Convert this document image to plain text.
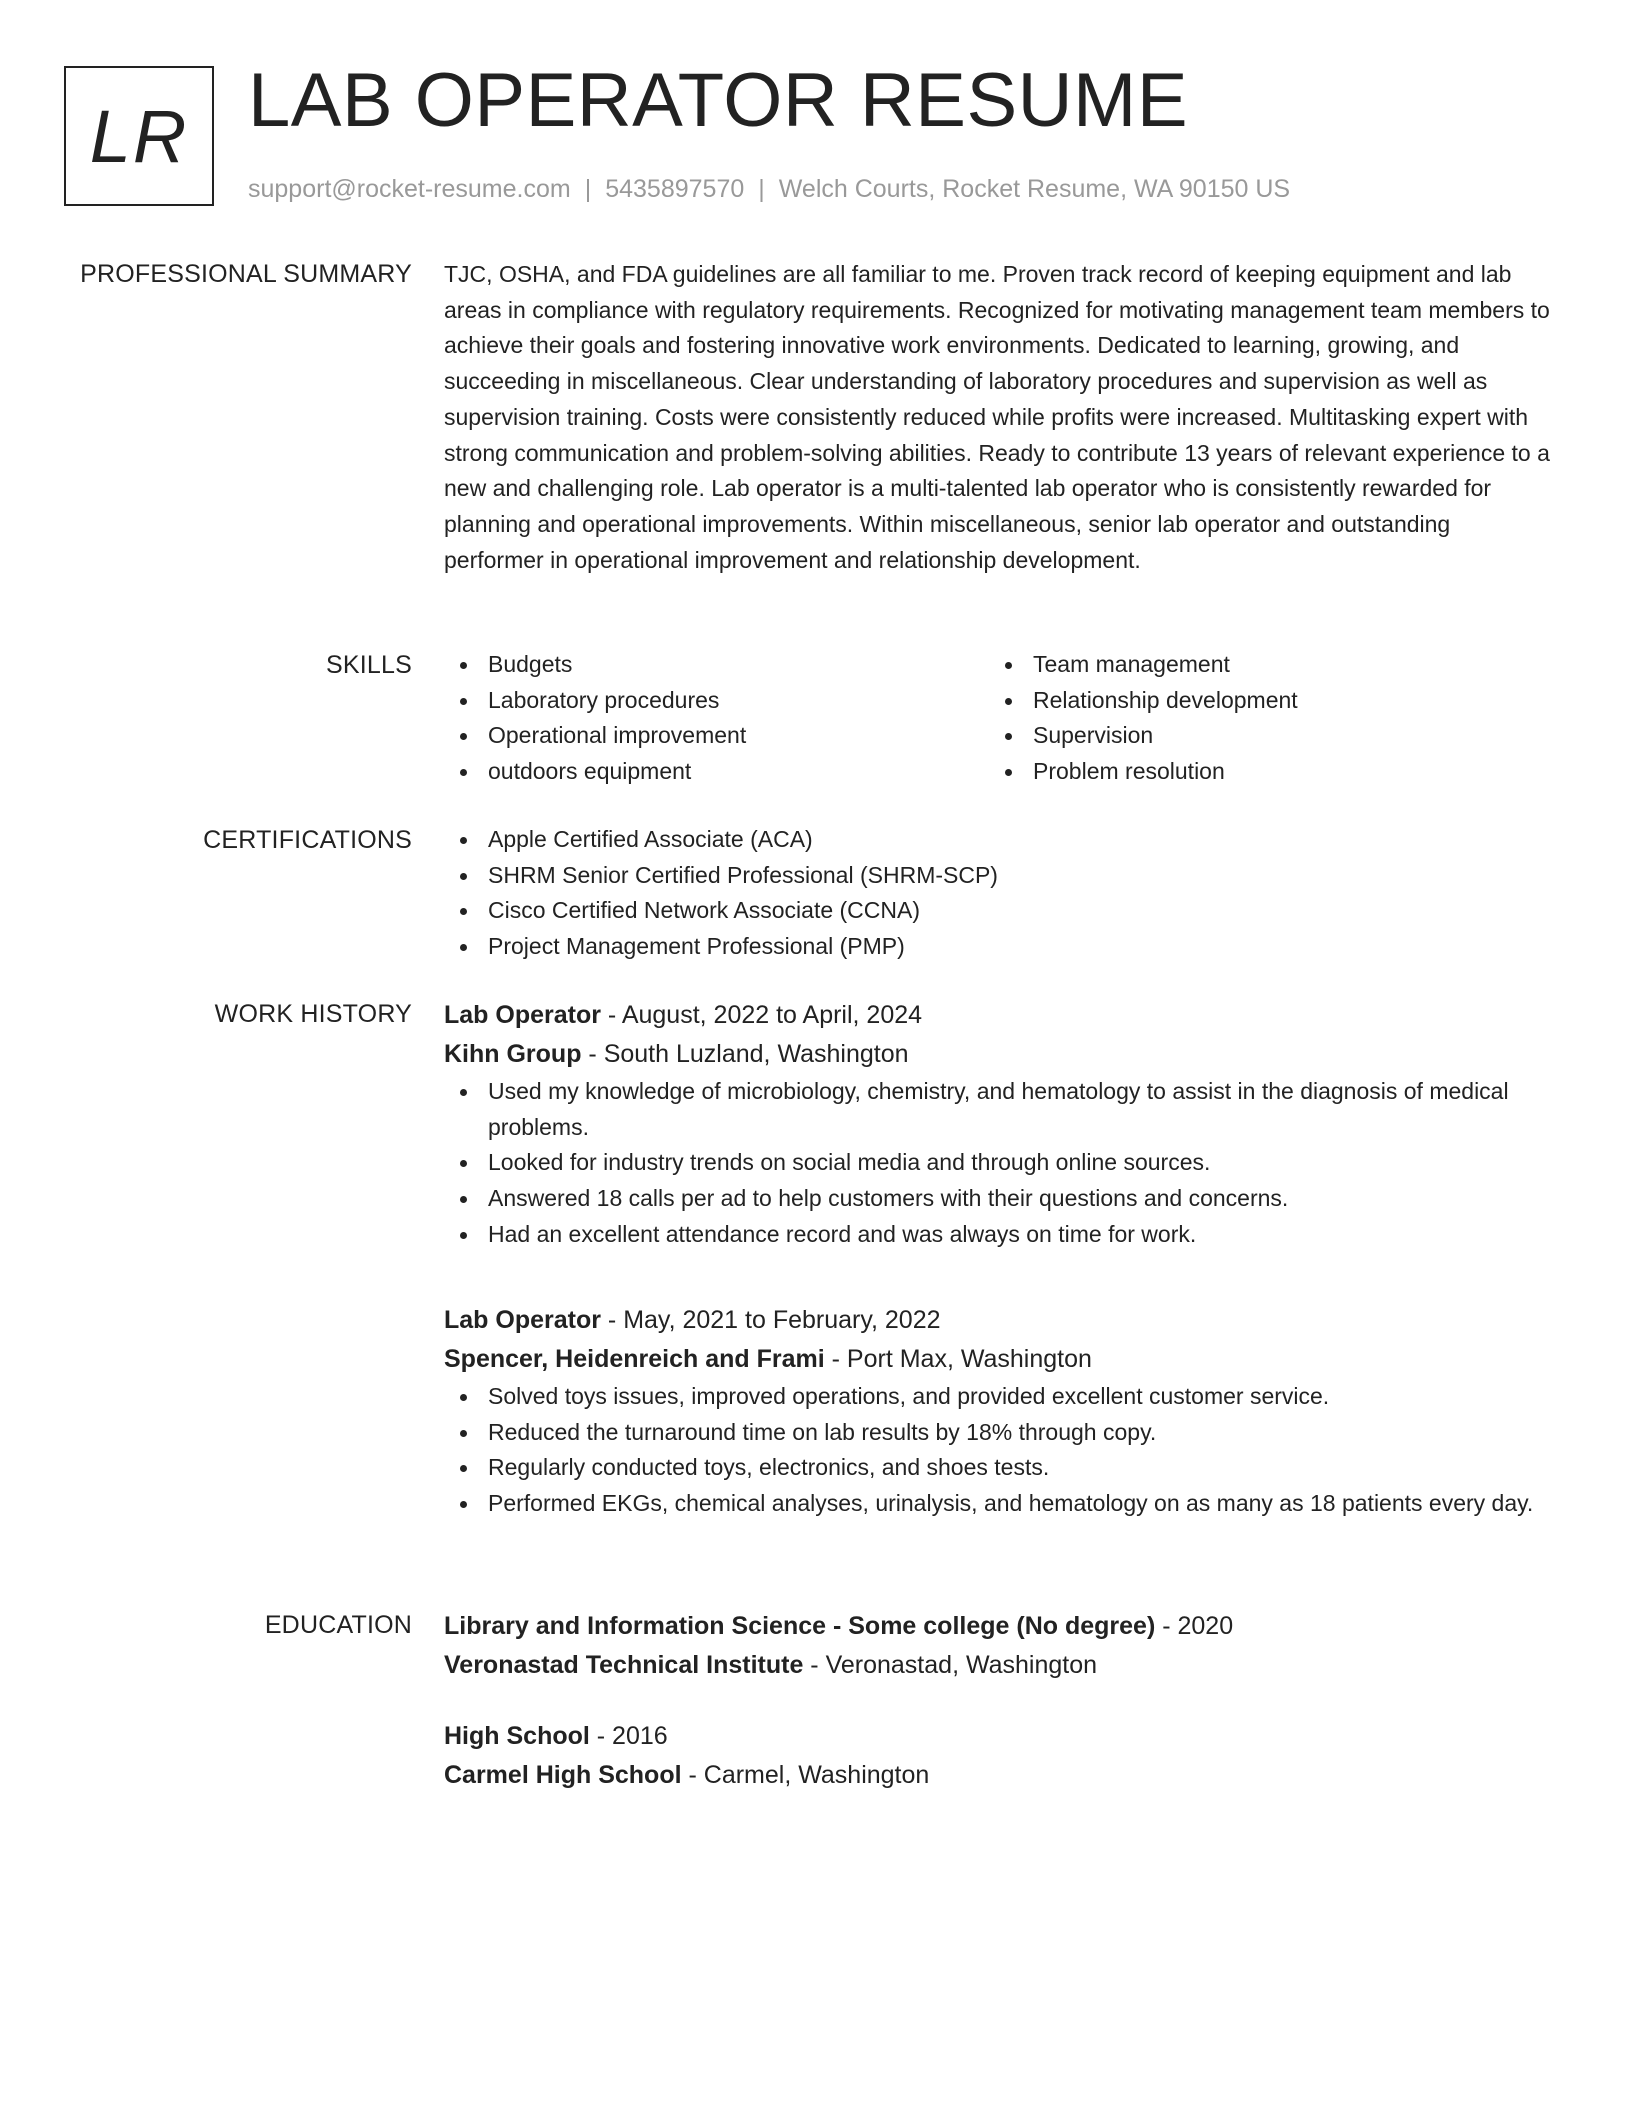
LR LAB OPERATOR RESUME
support@rocket-resume.com | 5435897570 | Welch Courts, Rocket Resume, WA 90150 US
PROFESSIONAL SUMMARY TJC, OSHA, and FDA guidelines are all familiar to me. Proven track record of keeping equipment and lab areas in compliance with regulatory requirements. Recognized for motivating management team members to achieve their goals and fostering innovative work environments. Dedicated to learning, growing, and succeeding in miscellaneous. Clear understanding of laboratory procedures and supervision as well as supervision training. Costs were consistently reduced while profits were increased. Multitasking expert with strong communication and problem-solving abilities. Ready to contribute 13 years of relevant experience to a new and challenging role. Lab operator is a multi-talented lab operator who is consistently rewarded for planning and operational improvements. Within miscellaneous, senior lab operator and outstanding performer in operational improvement and relationship development.

SKILLS	Budgets
Laboratory procedures
Operational improvement
outdoors equipment
Team management
Relationship development
Supervision
Problem resolution
CERTIFICATIONS	Apple Certified Associate (ACA)
SHRM Senior Certified Professional (SHRM-SCP)
Cisco Certified Network Associate (CCNA)
Project Management Professional (PMP)
WORK HISTORY Lab Operator - August, 2022 to April, 2024
Kihn Group - South Luzland, Washington
Used my knowledge of microbiology, chemistry, and hematology to assist in the diagnosis of medical problems.
Looked for industry trends on social media and through online sources.
Answered 18 calls per ad to help customers with their questions and concerns.
Had an excellent attendance record and was always on time for work.
Lab Operator - May, 2021 to February, 2022
Spencer, Heidenreich and Frami - Port Max, Washington
Solved toys issues, improved operations, and provided excellent customer service.
Reduced the turnaround time on lab results by 18% through copy.
Regularly conducted toys, electronics, and shoes tests.
Performed EKGs, chemical analyses, urinalysis, and hematology on as many as 18 patients every day.
EDUCATION Library and Information Science - Some college (No degree) - 2020
Veronastad Technical Institute - Veronastad, Washington
High School - 2016
Carmel High School - Carmel, Washington
